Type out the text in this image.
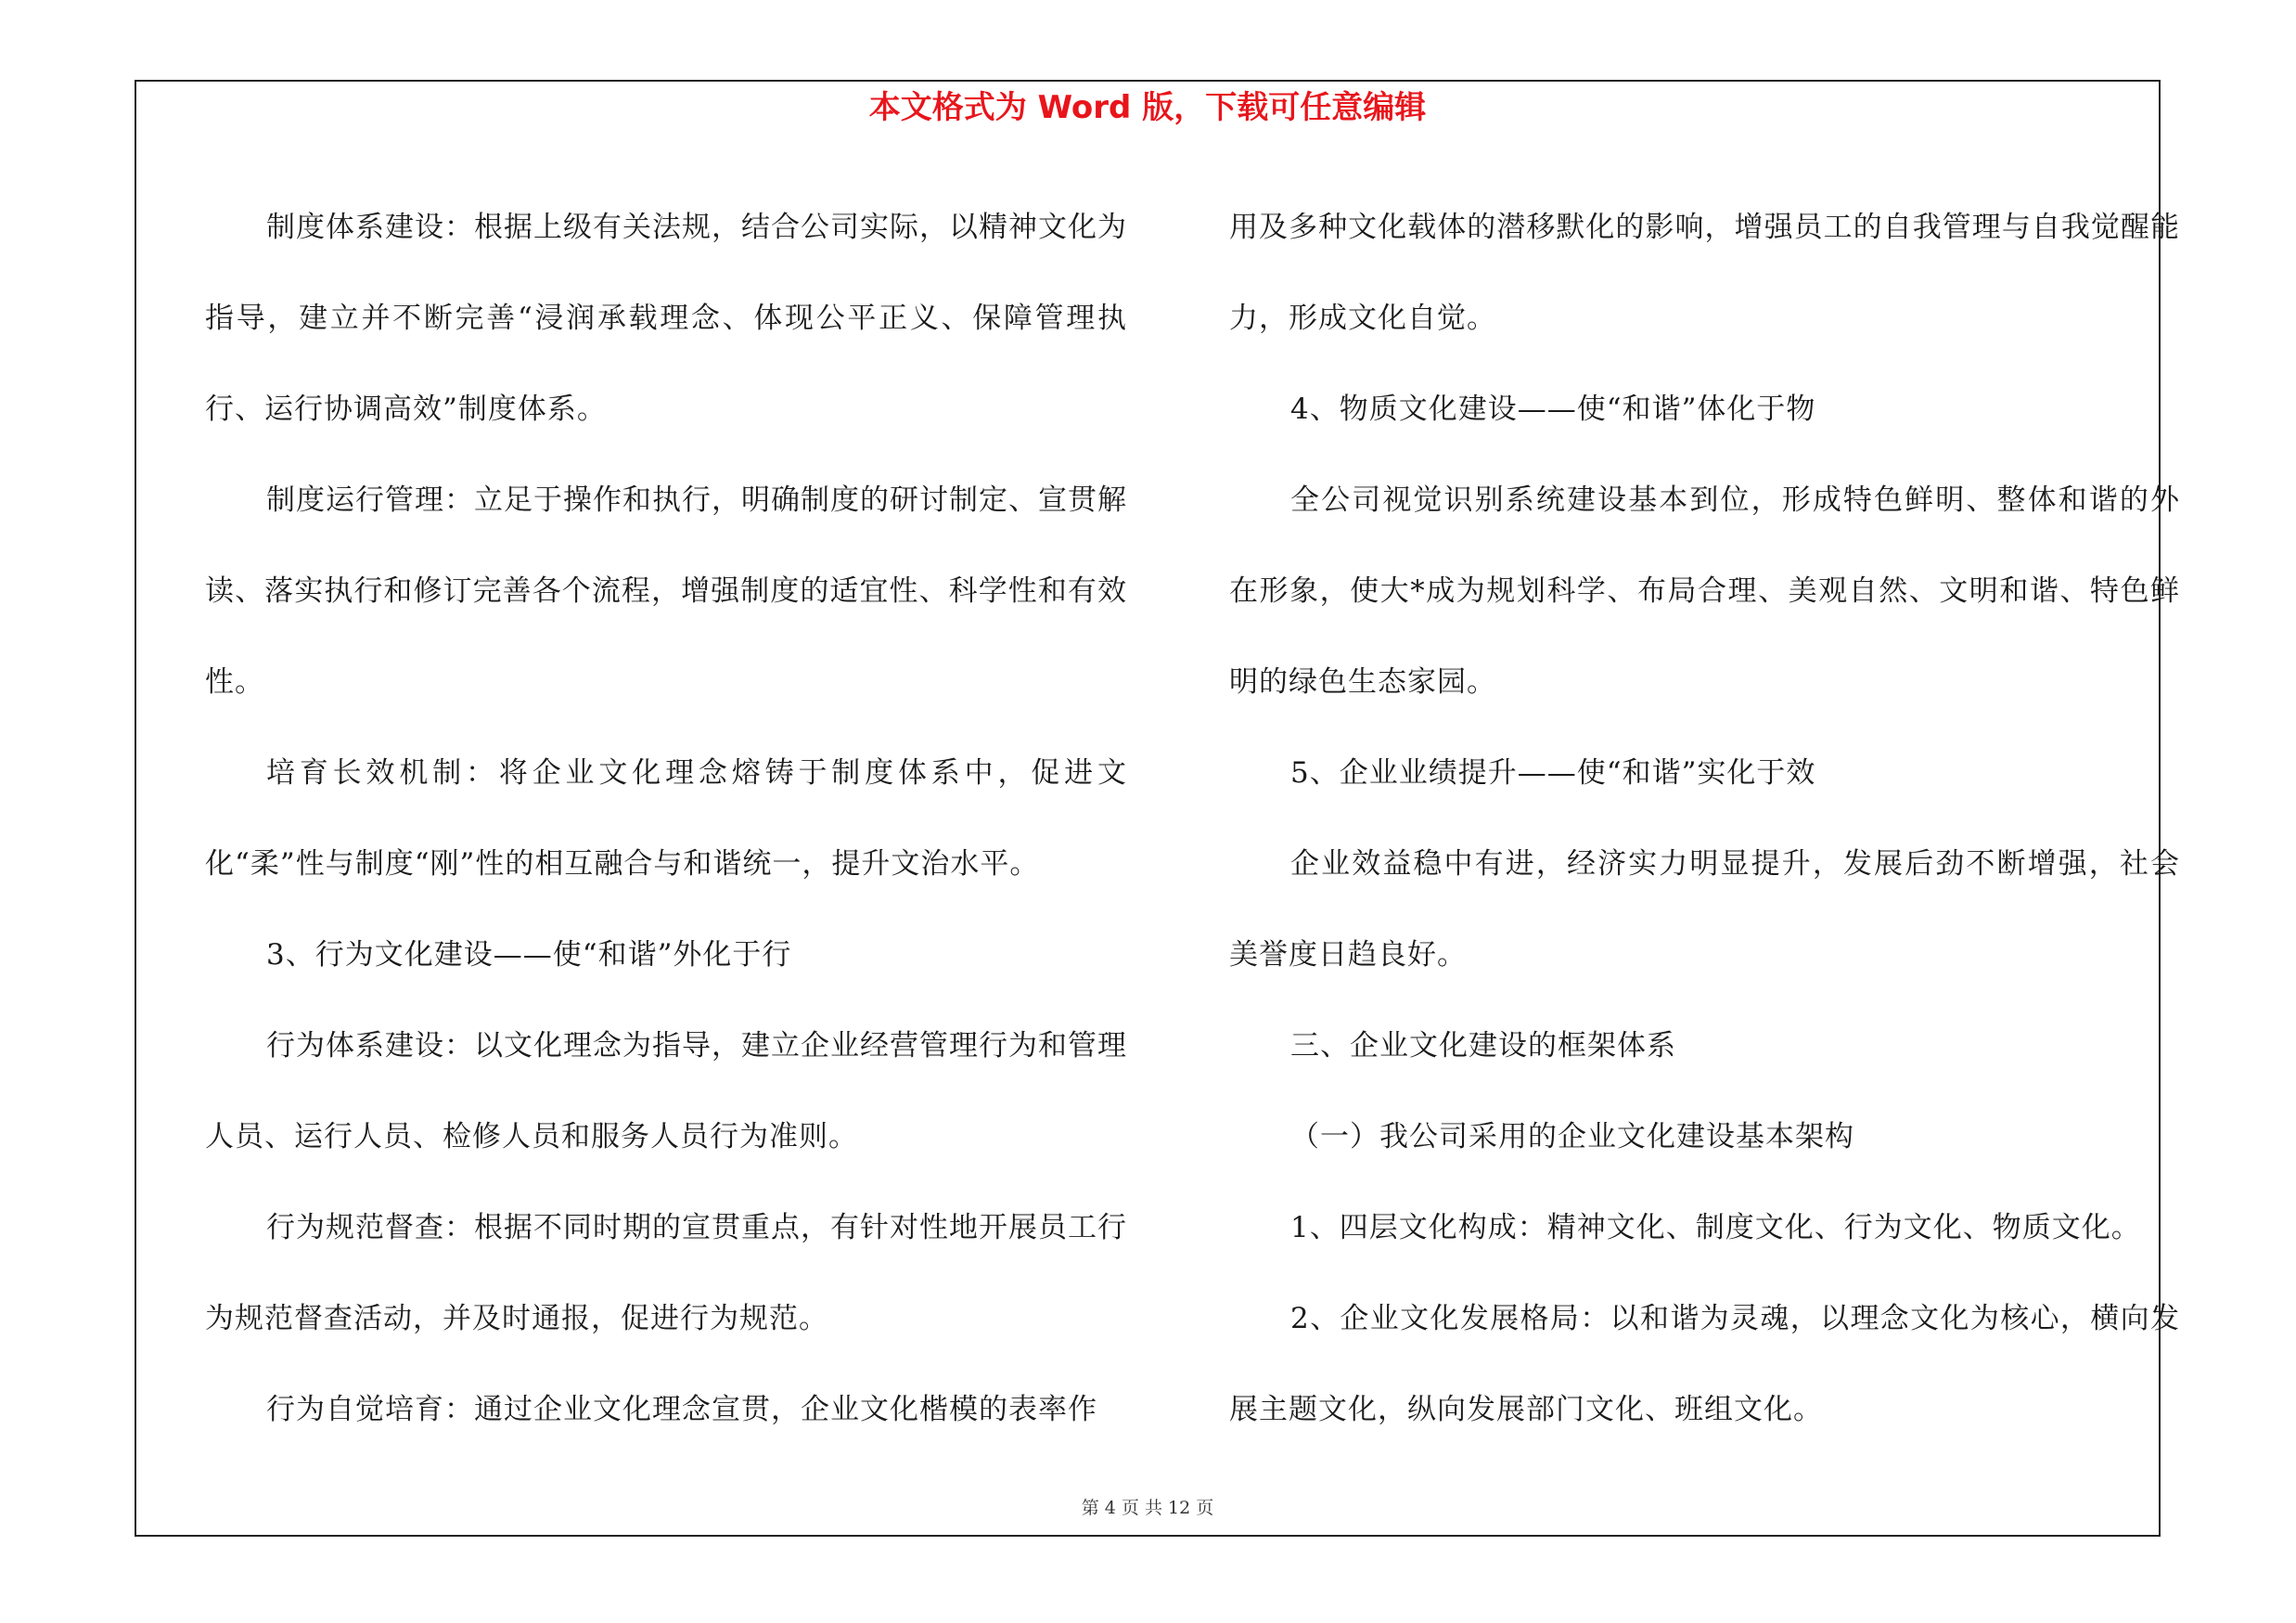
本文格式为 Word 版，下载可任意编辑

制度体系建设：根据上级有关法规，结合公司实际，以精神文化为指导，建立并不断完善“浸润承载理念、体现公平正义、保障管理执行、运行协调高效”制度体系。

制度运行管理：立足于操作和执行，明确制度的研讨制定、宣贯解读、落实执行和修订完善各个流程，增强制度的适宜性、科学性和有效性。

培育长效机制：将企业文化理念熔铸于制度体系中，促进文化“柔”性与制度“刚”性的相互融合与和谐统一，提升文治水平。

3、行为文化建设——使“和谐”外化于行

行为体系建设：以文化理念为指导，建立企业经营管理行为和管理人员、运行人员、检修人员和服务人员行为准则。

行为规范督查：根据不同时期的宣贯重点，有针对性地开展员工行为规范督查活动，并及时通报，促进行为规范。

行为自觉培育：通过企业文化理念宣贯，企业文化楷模的表率作

用及多种文化载体的潜移默化的影响，增强员工的自我管理与自我觉醒能力，形成文化自觉。

4、物质文化建设——使“和谐”体化于物

全公司视觉识别系统建设基本到位，形成特色鲜明、整体和谐的外在形象，使大*成为规划科学、布局合理、美观自然、文明和谐、特色鲜明的绿色生态家园。

5、企业业绩提升——使“和谐”实化于效

企业效益稳中有进，经济实力明显提升，发展后劲不断增强，社会美誉度日趋良好。

三、企业文化建设的框架体系

（一）我公司采用的企业文化建设基本架构

1、四层文化构成：精神文化、制度文化、行为文化、物质文化。

2、企业文化发展格局：以和谐为灵魂，以理念文化为核心，横向发展主题文化，纵向发展部门文化、班组文化。

第 4 页 共 12 页
